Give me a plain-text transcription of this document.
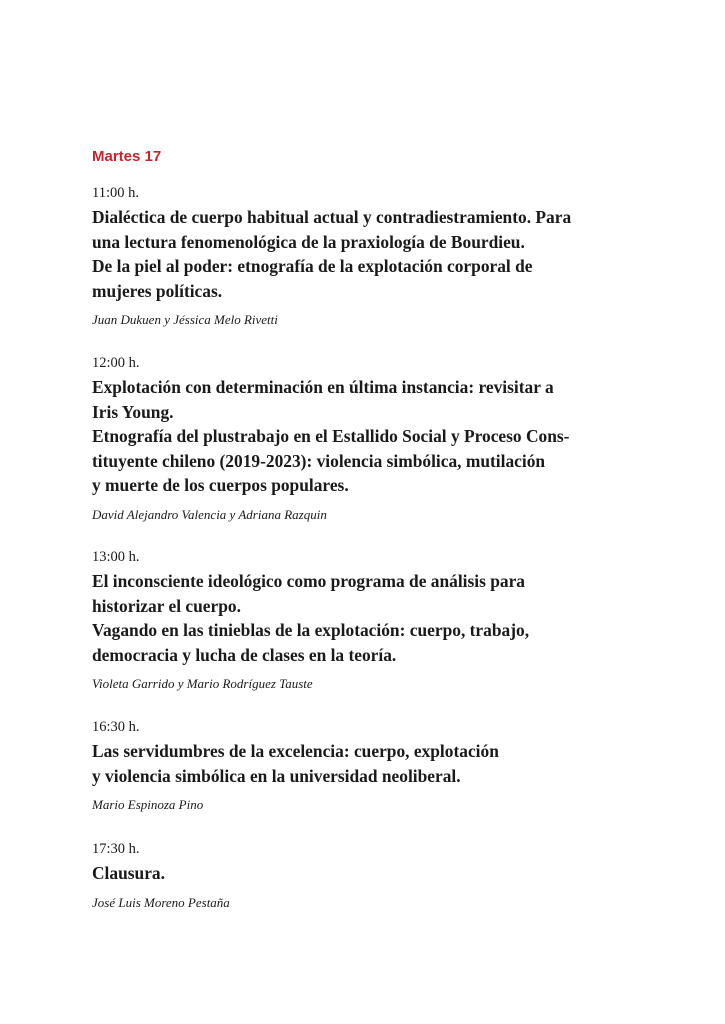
Martes 17
11:00 h.
Dialéctica de cuerpo habitual actual y contradiestramiento. Para
una lectura fenomenológica de la praxiología de Bourdieu.
De la piel al poder: etnografía de la explotación corporal de
mujeres políticas.
Juan Dukuen y Jéssica Melo Rivetti
12:00 h.
Explotación con determinación en última instancia: revisitar a
Iris Young.
Etnografía del plustrabajo en el Estallido Social y Proceso Cons-
tituyente chileno (2019-2023): violencia simbólica, mutilación
y muerte de los cuerpos populares.
David Alejandro Valencia y Adriana Razquin
13:00 h.
El inconsciente ideológico como programa de análisis para
historizar el cuerpo.
Vagando en las tinieblas de la explotación: cuerpo, trabajo,
democracia y lucha de clases en la teoría.
Violeta Garrido y Mario Rodríguez Tauste
16:30 h.
Las servidumbres de la excelencia: cuerpo, explotación
y violencia simbólica en la universidad neoliberal.
Mario Espinoza Pino
17:30 h.
Clausura.
José Luis Moreno Pestaña
